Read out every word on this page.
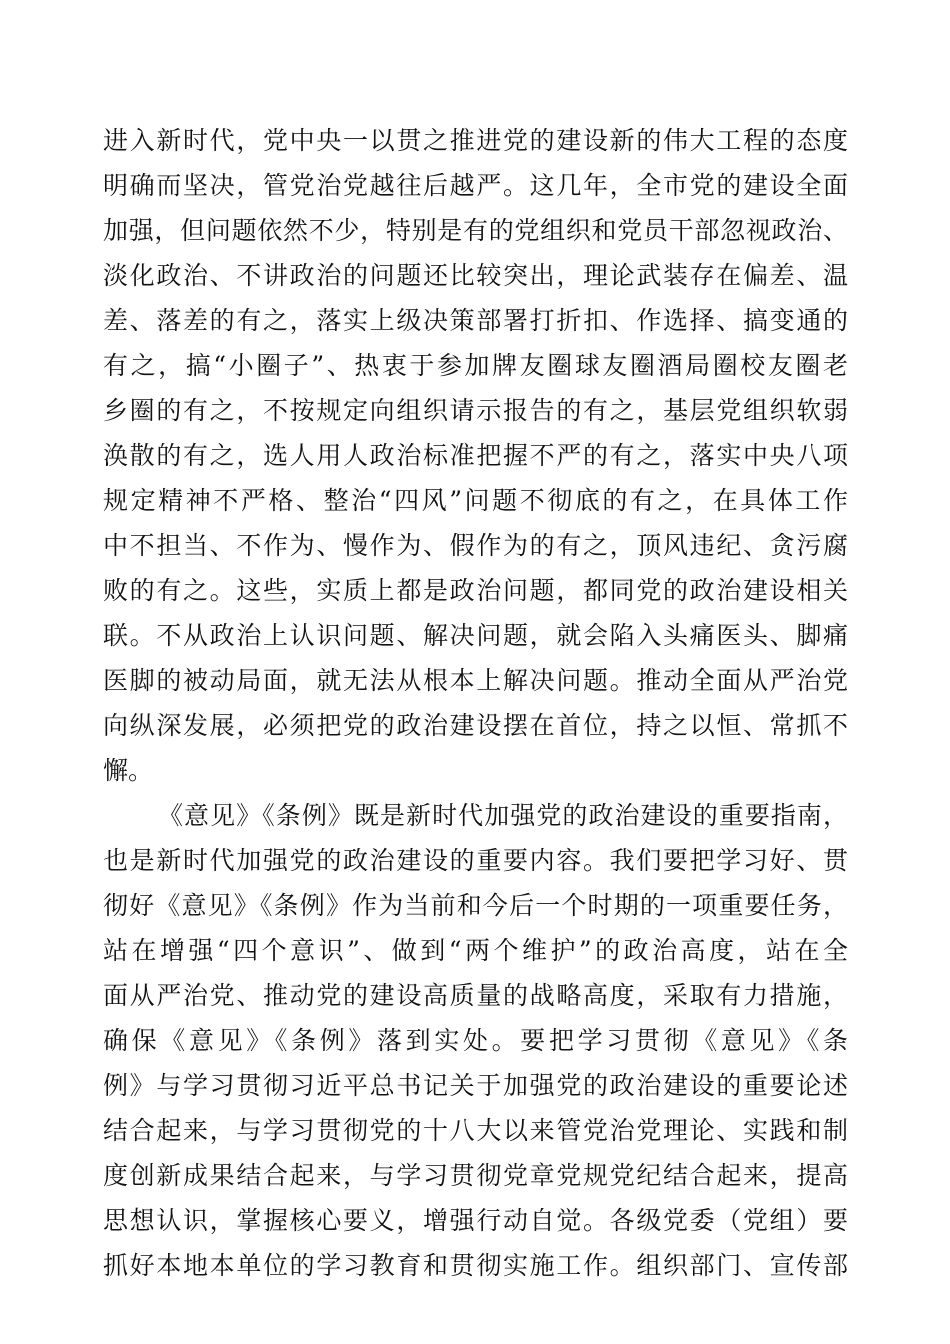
进入新时代，党中央一以贯之推进党的建设新的伟大工程的态度
明确而坚决，管党治党越往后越严。这几年，全市党的建设全面
加强，但问题依然不少，特别是有的党组织和党员干部忽视政治、
淡化政治、不讲政治的问题还比较突出，理论武装存在偏差、温
差、落差的有之，落实上级决策部署打折扣、作选择、搞变通的
有之，搞“小圈子”、热衷于参加牌友圈球友圈酒局圈校友圈老
乡圈的有之，不按规定向组织请示报告的有之，基层党组织软弱
涣散的有之，选人用人政治标准把握不严的有之，落实中央八项
规定精神不严格、整治“四风”问题不彻底的有之，在具体工作
中不担当、不作为、慢作为、假作为的有之，顶风违纪、贪污腐
败的有之。这些，实质上都是政治问题，都同党的政治建设相关
联。不从政治上认识问题、解决问题，就会陷入头痛医头、脚痛
医脚的被动局面，就无法从根本上解决问题。推动全面从严治党
向纵深发展，必须把党的政治建设摆在首位，持之以恒、常抓不
懈。
《意见》《条例》既是新时代加强党的政治建设的重要指南，
也是新时代加强党的政治建设的重要内容。我们要把学习好、贯
彻好《意见》《条例》作为当前和今后一个时期的一项重要任务，
站在增强“四个意识”、做到“两个维护”的政治高度，站在全
面从严治党、推动党的建设高质量的战略高度，采取有力措施，
确保《意见》《条例》落到实处。要把学习贯彻《意见》《条
例》与学习贯彻习近平总书记关于加强党的政治建设的重要论述
结合起来，与学习贯彻党的十八大以来管党治党理论、实践和制
度创新成果结合起来，与学习贯彻党章党规党纪结合起来，提高
思想认识，掌握核心要义，增强行动自觉。各级党委（党组）要
抓好本地本单位的学习教育和贯彻实施工作。组织部门、宣传部
